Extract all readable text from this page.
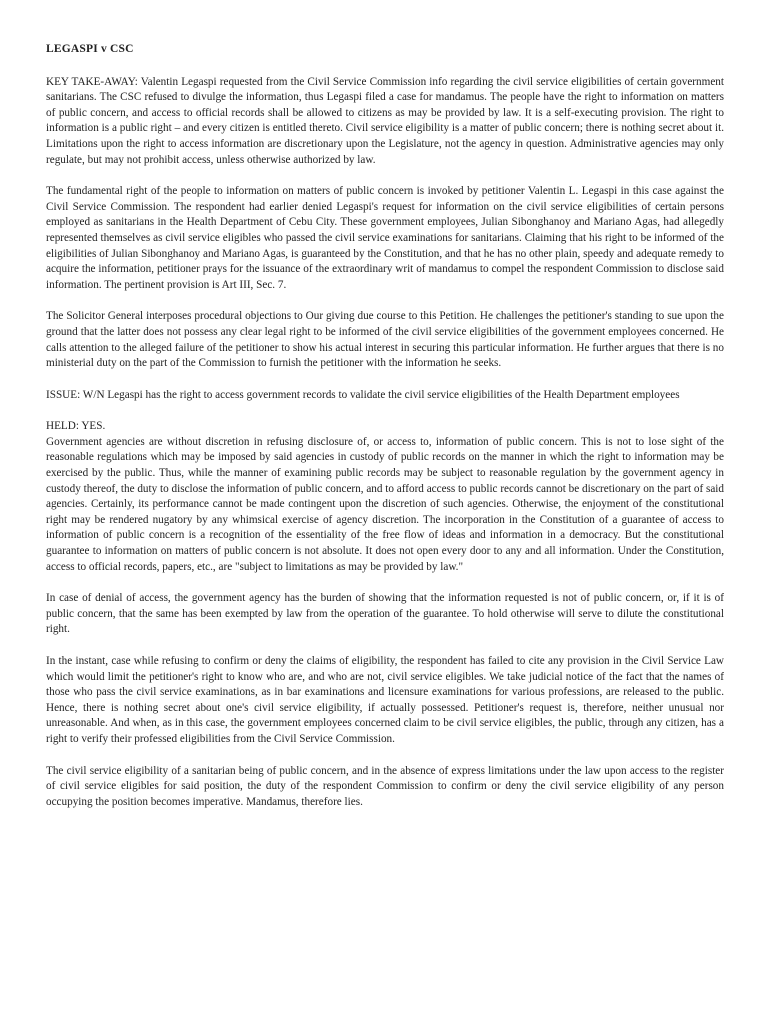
LEGASPI v CSC

KEY TAKE-AWAY: Valentin Legaspi requested from the Civil Service Commission info regarding the civil service eligibilities of certain government sanitarians. The CSC refused to divulge the information, thus Legaspi filed a case for mandamus. The people have the right to information on matters of public concern, and access to official records shall be allowed to citizens as may be provided by law. It is a self-executing provision. The right to information is a public right – and every citizen is entitled thereto. Civil service eligibility is a matter of public concern; there is nothing secret about it. Limitations upon the right to access information are discretionary upon the Legislature, not the agency in question. Administrative agencies may only regulate, but may not prohibit access, unless otherwise authorized by law.

The fundamental right of the people to information on matters of public concern is invoked by petitioner Valentin L. Legaspi in this case against the Civil Service Commission. The respondent had earlier denied Legaspi's request for information on the civil service eligibilities of certain persons employed as sanitarians in the Health Department of Cebu City. These government employees, Julian Sibonghanoy and Mariano Agas, had allegedly represented themselves as civil service eligibles who passed the civil service examinations for sanitarians. Claiming that his right to be informed of the eligibilities of Julian Sibonghanoy and Mariano Agas, is guaranteed by the Constitution, and that he has no other plain, speedy and adequate remedy to acquire the information, petitioner prays for the issuance of the extraordinary writ of mandamus to compel the respondent Commission to disclose said information. The pertinent provision is Art III, Sec. 7.

The Solicitor General interposes procedural objections to Our giving due course to this Petition. He challenges the petitioner's standing to sue upon the ground that the latter does not possess any clear legal right to be informed of the civil service eligibilities of the government employees concerned. He calls attention to the alleged failure of the petitioner to show his actual interest in securing this particular information. He further argues that there is no ministerial duty on the part of the Commission to furnish the petitioner with the information he seeks.

ISSUE: W/N Legaspi has the right to access government records to validate the civil service eligibilities of the Health Department employees

HELD: YES.
Government agencies are without discretion in refusing disclosure of, or access to, information of public concern. This is not to lose sight of the reasonable regulations which may be imposed by said agencies in custody of public records on the manner in which the right to information may be exercised by the public. Thus, while the manner of examining public records may be subject to reasonable regulation by the government agency in custody thereof, the duty to disclose the information of public concern, and to afford access to public records cannot be discretionary on the part of said agencies. Certainly, its performance cannot be made contingent upon the discretion of such agencies. Otherwise, the enjoyment of the constitutional right may be rendered nugatory by any whimsical exercise of agency discretion. The incorporation in the Constitution of a guarantee of access to information of public concern is a recognition of the essentiality of the free flow of ideas and information in a democracy. But the constitutional guarantee to information on matters of public concern is not absolute. It does not open every door to any and all information. Under the Constitution, access to official records, papers, etc., are "subject to limitations as may be provided by law."

In case of denial of access, the government agency has the burden of showing that the information requested is not of public concern, or, if it is of public concern, that the same has been exempted by law from the operation of the guarantee. To hold otherwise will serve to dilute the constitutional right.

In the instant, case while refusing to confirm or deny the claims of eligibility, the respondent has failed to cite any provision in the Civil Service Law which would limit the petitioner's right to know who are, and who are not, civil service eligibles. We take judicial notice of the fact that the names of those who pass the civil service examinations, as in bar examinations and licensure examinations for various professions, are released to the public. Hence, there is nothing secret about one's civil service eligibility, if actually possessed. Petitioner's request is, therefore, neither unusual nor unreasonable. And when, as in this case, the government employees concerned claim to be civil service eligibles, the public, through any citizen, has a right to verify their professed eligibilities from the Civil Service Commission.

The civil service eligibility of a sanitarian being of public concern, and in the absence of express limitations under the law upon access to the register of civil service eligibles for said position, the duty of the respondent Commission to confirm or deny the civil service eligibility of any person occupying the position becomes imperative. Mandamus, therefore lies.
